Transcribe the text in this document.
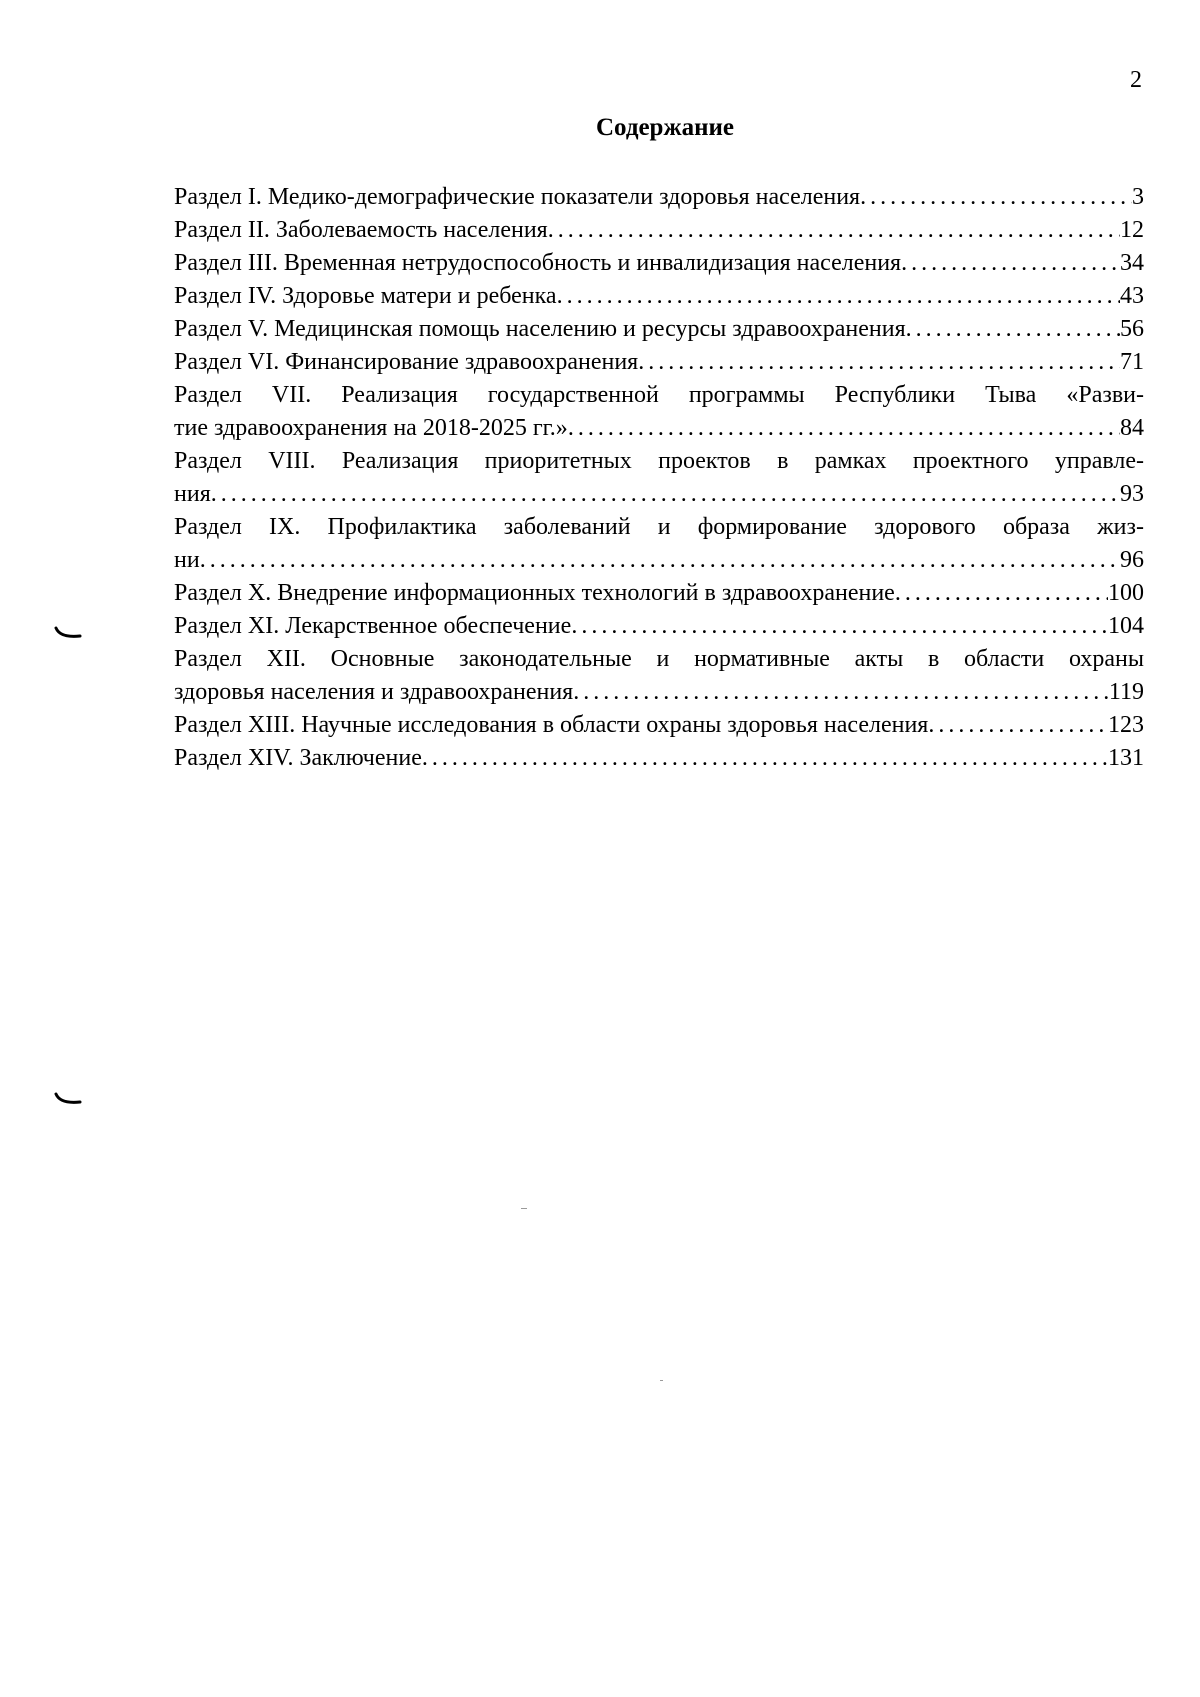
2
Содержание
Раздел I. Медико-демографические показатели здоровья населения . . .	3
Раздел II. Заболеваемость населения . . .	12
Раздел III. Временная нетрудоспособность и инвалидизация населения . . .	34
Раздел IV. Здоровье матери и ребенка . . .	43
Раздел V. Медицинская помощь населению и ресурсы здравоохранения . . .	56
Раздел VI. Финансирование здравоохранения . . .	71
Раздел VII. Реализация государственной программы Республики Тыва «Разви-
тие здравоохранения на 2018-2025 гг.» . . .	84
Раздел VIII. Реализация приоритетных проектов в рамках проектного управле-
ния . . .	93
Раздел IX. Профилактика заболеваний и формирование здорового образа жиз-
ни . . .	96
Раздел X. Внедрение информационных технологий в здравоохранение . . .	100
Раздел XI. Лекарственное обеспечение . . .	104
Раздел XII. Основные законодательные и нормативные акты в области охраны
здоровья населения и здравоохранения . . .	119
Раздел XIII. Научные исследования в области охраны здоровья населения . . .	123
Раздел XIV. Заключение . . .	131
